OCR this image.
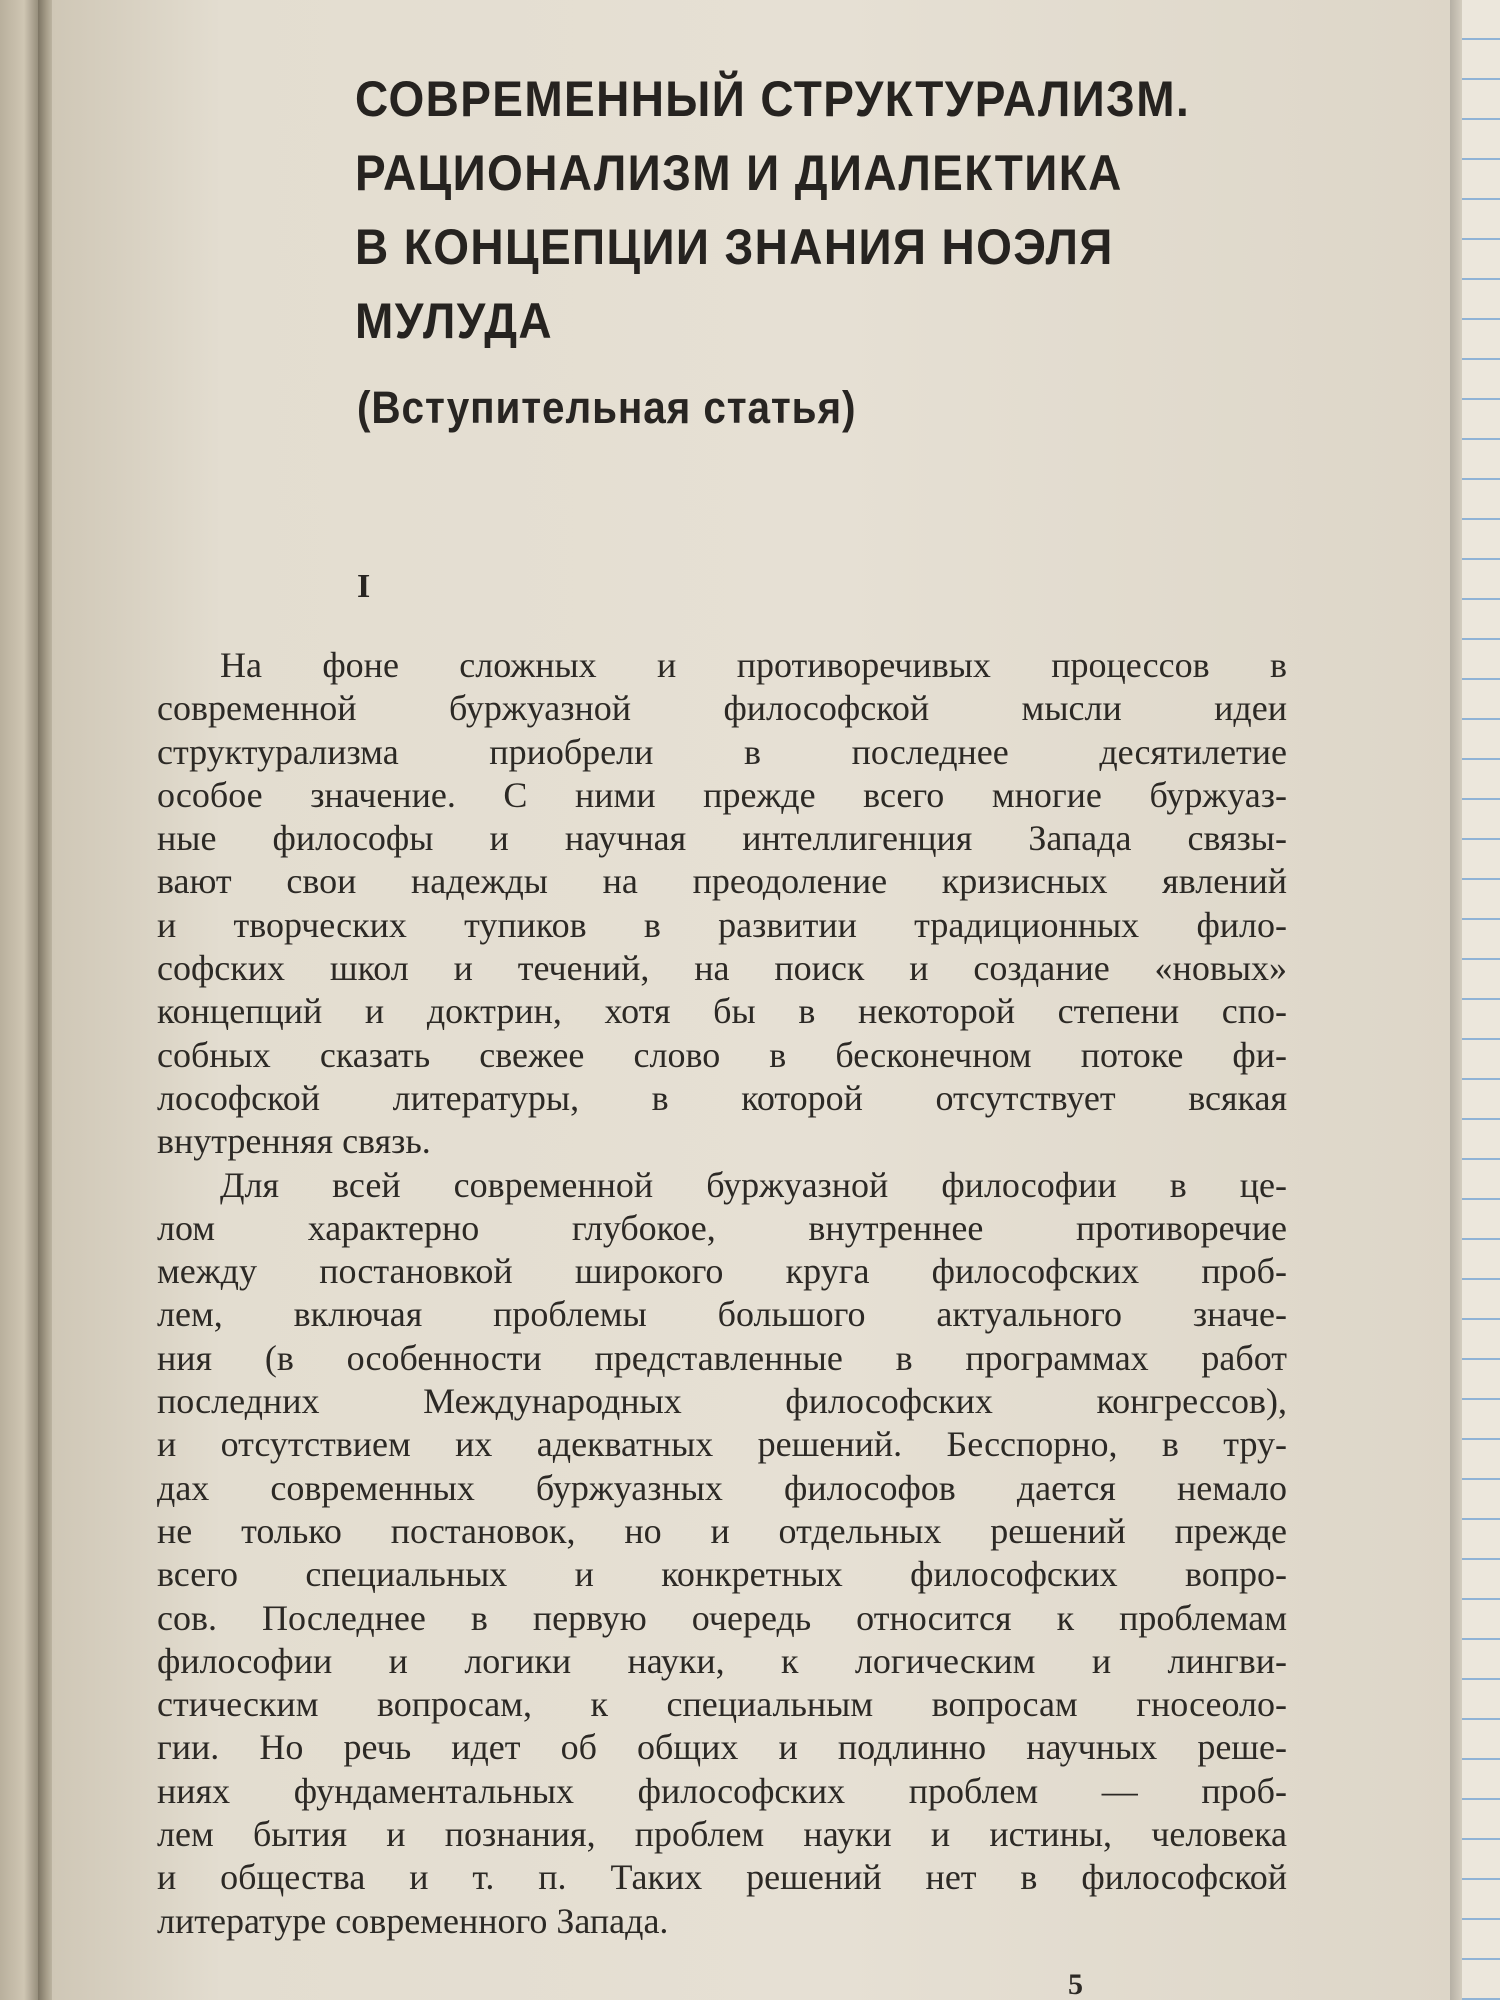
СОВРЕМЕННЫЙ СТРУКТУРАЛИЗМ.
РАЦИОНАЛИЗМ И ДИАЛЕКТИКА
В КОНЦЕПЦИИ ЗНАНИЯ НОЭЛЯ
МУЛУДА
(Вступительная статья)
I
На фоне сложных и противоречивых процессов в
современной буржуазной философской мысли идеи
структурализма приобрели в последнее десятилетие
особое значение. С ними прежде всего многие буржуаз-
ные философы и научная интеллигенция Запада связы-
вают свои надежды на преодоление кризисных явлений
и творческих тупиков в развитии традиционных фило-
софских школ и течений, на поиск и создание «новых»
концепций и доктрин, хотя бы в некоторой степени спо-
собных сказать свежее слово в бесконечном потоке фи-
лософской литературы, в которой отсутствует всякая
внутренняя связь.
Для всей современной буржуазной философии в це-
лом характерно глубокое, внутреннее противоречие
между постановкой широкого круга философских проб-
лем, включая проблемы большого актуального значе-
ния (в особенности представленные в программах работ
последних Международных философских конгрессов),
и отсутствием их адекватных решений. Бесспорно, в тру-
дах современных буржуазных философов дается немало
не только постановок, но и отдельных решений прежде
всего специальных и конкретных философских вопро-
сов. Последнее в первую очередь относится к проблемам
философии и логики науки, к логическим и лингви-
стическим вопросам, к специальным вопросам гносеоло-
гии. Но речь идет об общих и подлинно научных реше-
ниях фундаментальных философских проблем — проб-
лем бытия и познания, проблем науки и истины, человека
и общества и т. п. Таких решений нет в философской
литературе современного Запада.
5
